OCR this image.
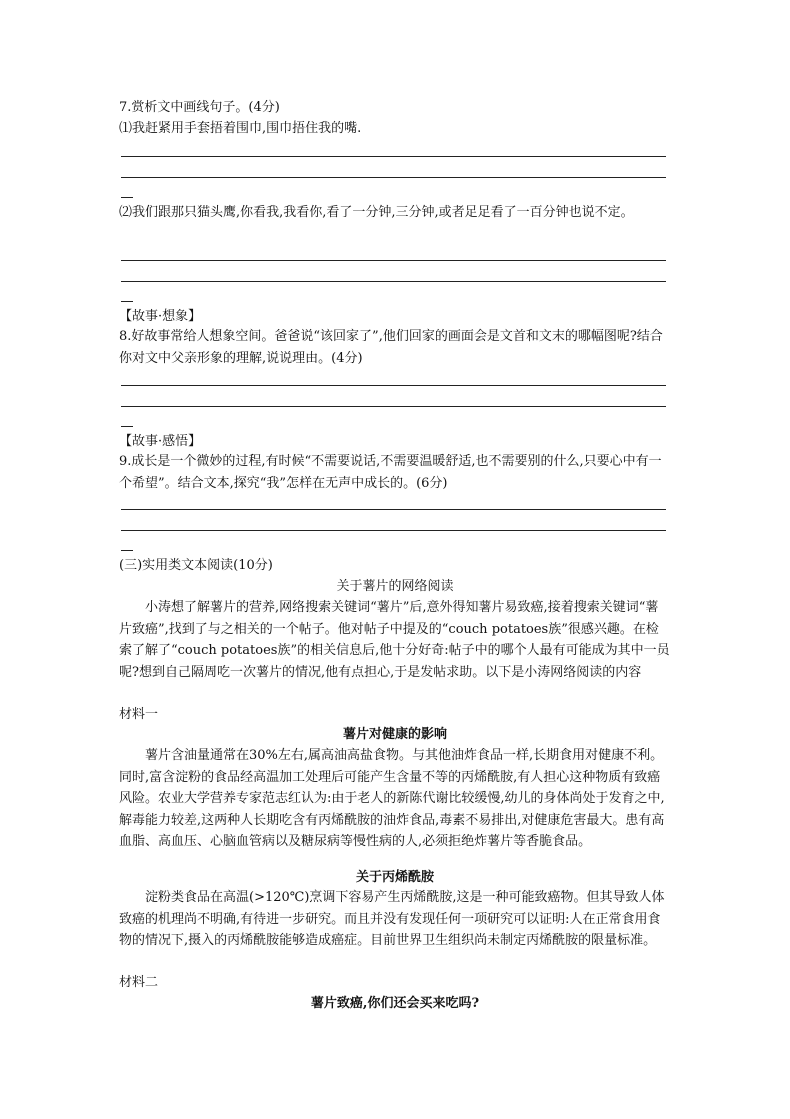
7.赏析文中画线句子。(4分)
⑴我赶紧用手套捂着围巾,围巾捂住我的嘴.
⑵我们跟那只猫头鹰,你看我,我看你,看了一分钟,三分钟,或者足足看了一百分钟也说不定。
【故事·想象】
8.好故事常给人想象空间。爸爸说“该回家了”,他们回家的画面会是文首和文末的哪幅图呢?结合你对文中父亲形象的理解,说说理由。(4分)
【故事·感悟】
9.成长是一个微妙的过程,有时候“不需要说话,不需要温暖舒适,也不需要别的什么,只要心中有一个希望”。结合文本,探究“我”怎样在无声中成长的。(6分)
(三)实用类文本阅读(10分)
关于薯片的网络阅读
小涛想了解薯片的营养,网络搜索关键词“薯片”后,意外得知薯片易致癌,接着搜索关键词“薯片致癌”,找到了与之相关的一个帖子。他对帖子中提及的“couch potatoes族”很感兴趣。在检索了解了“couch potatoes族”的相关信息后,他十分好奇:帖子中的哪个人最有可能成为其中一员呢?想到自己隔周吃一次薯片的情况,他有点担心,于是发帖求助。以下是小涛网络阅读的内容
材料一
薯片对健康的影响
薯片含油量通常在30%左右,属高油高盐食物。与其他油炸食品一样,长期食用对健康不利。同时,富含淀粉的食品经高温加工处理后可能产生含量不等的丙烯酰胺,有人担心这种物质有致癌风险。农业大学营养专家范志红认为:由于老人的新陈代谢比较缓慢,幼儿的身体尚处于发育之中,解毒能力较差,这两种人长期吃含有丙烯酰胺的油炸食品,毒素不易排出,对健康危害最大。患有高血脂、高血压、心脑血管病以及糖尿病等慢性病的人,必须拒绝炸薯片等香脆食品。
关于丙烯酰胺
淀粉类食品在高温(>120℃)烹调下容易产生丙烯酰胺,这是一种可能致癌物。但其导致人体致癌的机理尚不明确,有待进一步研究。而且并没有发现任何一项研究可以证明:人在正常食用食物的情况下,摄入的丙烯酰胺能够造成癌症。目前世界卫生组织尚未制定丙烯酰胺的限量标准。
材料二
薯片致癌,你们还会买来吃吗?
